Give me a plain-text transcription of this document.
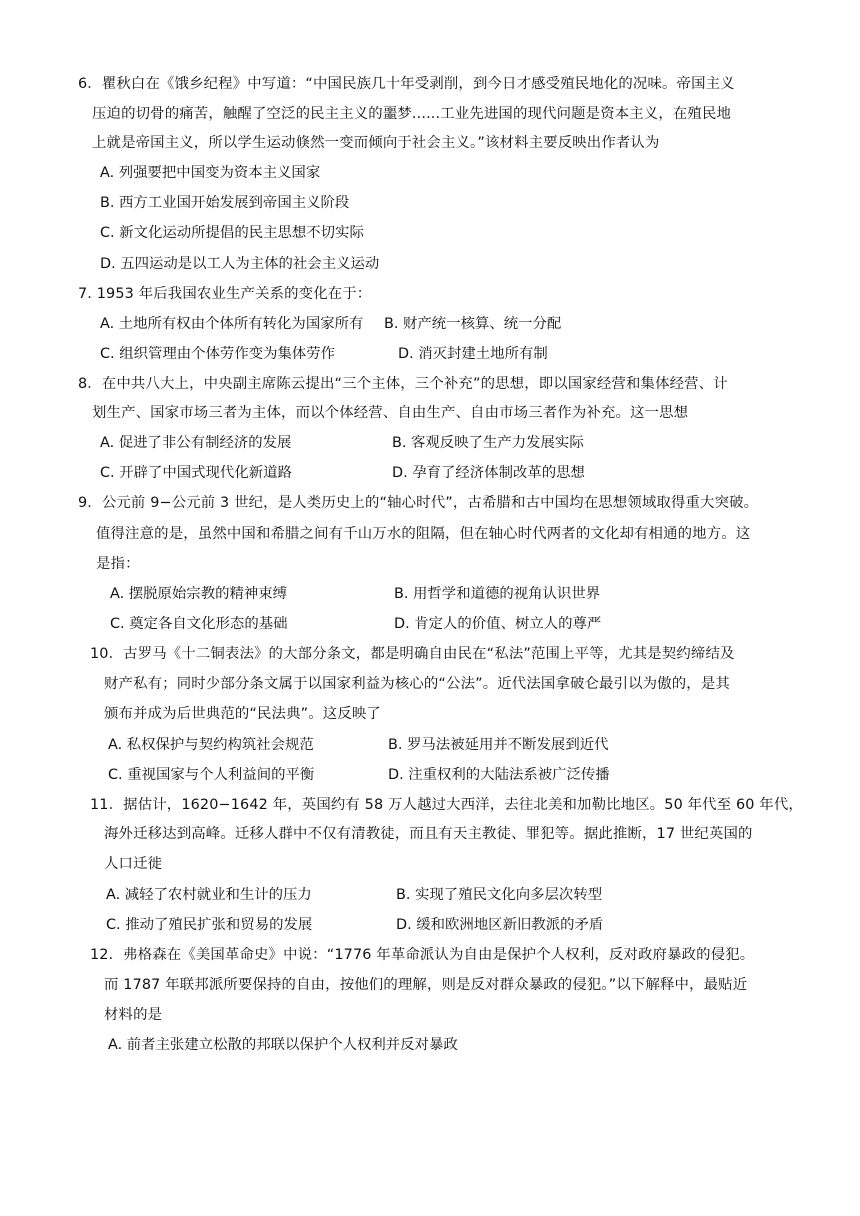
6．瞿秋白在《饿乡纪程》中写道：“中国民族几十年受剥削，到今日才感受殖民地化的况味。帝国主义
压迫的切骨的痛苦，触醒了空泛的民主主义的噩梦......工业先进国的现代问题是资本主义，在殖民地
上就是帝国主义，所以学生运动倏然一变而倾向于社会主义。”该材料主要反映出作者认为
A. 列强要把中国变为资本主义国家
B. 西方工业国开始发展到帝国主义阶段
C. 新文化运动所提倡的民主思想不切实际
D. 五四运动是以工人为主体的社会主义运动
7. 1953 年后我国农业生产关系的变化在于：
A. 土地所有权由个体所有转化为国家所有 B. 财产统一核算、统一分配
C. 组织管理由个体劳作变为集体劳作	D. 消灭封建土地所有制
8．在中共八大上，中央副主席陈云提出“三个主体，三个补充”的思想，即以国家经营和集体经营、计
划生产、国家市场三者为主体，而以个体经营、自由生产、自由市场三者作为补充。这一思想
A. 促进了非公有制经济的发展	B. 客观反映了生产力发展实际
C. 开辟了中国式现代化新道路	D. 孕育了经济体制改革的思想
9．公元前 9−公元前 3 世纪，是人类历史上的“轴心时代”，古希腊和古中国均在思想领域取得重大突破。
值得注意的是，虽然中国和希腊之间有千山万水的阻隔，但在轴心时代两者的文化却有相通的地方。这
是指：
A. 摆脱原始宗教的精神束缚	B. 用哲学和道德的视角认识世界
C. 奠定各自文化形态的基础	D. 肯定人的价值、树立人的尊严
10．古罗马《十二铜表法》的大部分条文，都是明确自由民在“私法”范围上平等，尤其是契约缔结及
财产私有；同时少部分条文属于以国家利益为核心的“公法”。近代法国拿破仑最引以为傲的，是其
颁布并成为后世典范的“民法典”。这反映了
A. 私权保护与契约构筑社会规范	B. 罗马法被延用并不断发展到近代
C. 重视国家与个人利益间的平衡	D. 注重权利的大陆法系被广泛传播
11．据估计，1620−1642 年，英国约有 58 万人越过大西洋，去往北美和加勒比地区。50 年代至 60 年代，
海外迁移达到高峰。迁移人群中不仅有清教徒，而且有天主教徒、罪犯等。据此推断，17 世纪英国的
人口迁徙
A. 减轻了农村就业和生计的压力	B. 实现了殖民文化向多层次转型
C. 推动了殖民扩张和贸易的发展	D. 缓和欧洲地区新旧教派的矛盾
12．弗格森在《美国革命史》中说：“1776 年革命派认为自由是保护个人权利，反对政府暴政的侵犯。
而 1787 年联邦派所要保持的自由，按他们的理解，则是反对群众暴政的侵犯。”以下解释中，最贴近
材料的是
A. 前者主张建立松散的邦联以保护个人权利并反对暴政
